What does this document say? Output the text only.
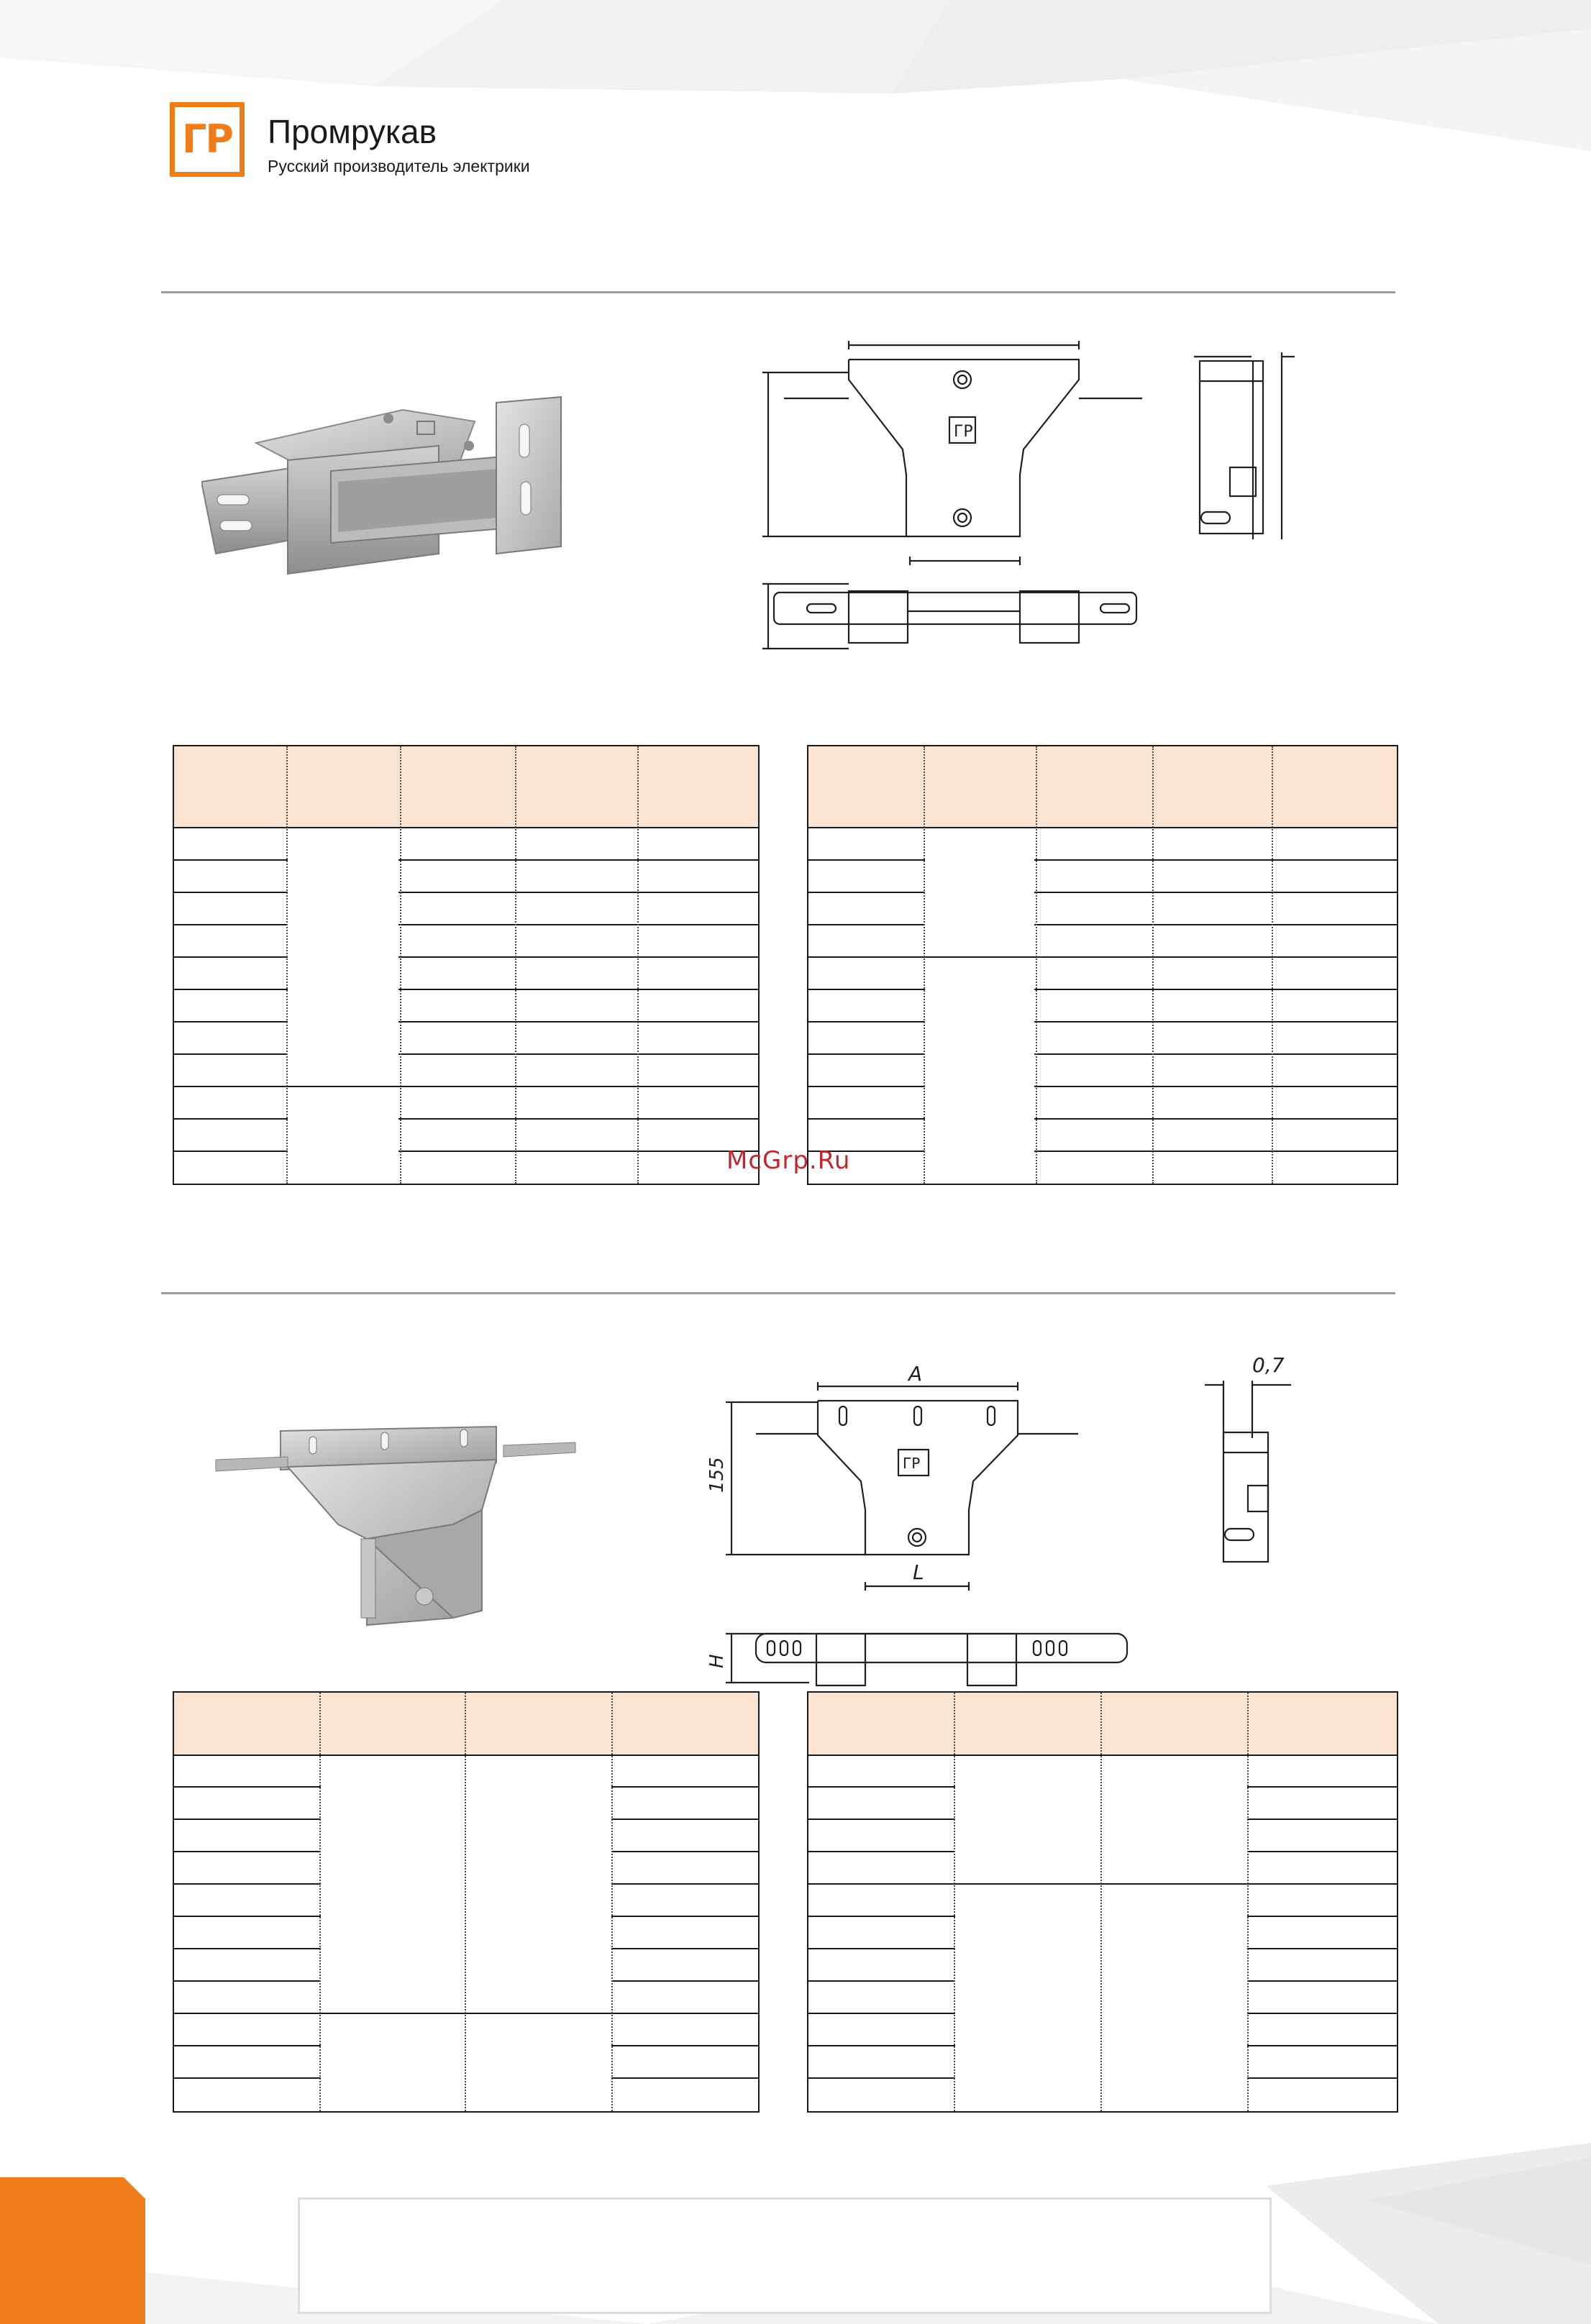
ГР Промрукав
Русский производитель электрики
ГР
McGrp.Ru
A
155	ГР
L
H
0,7
